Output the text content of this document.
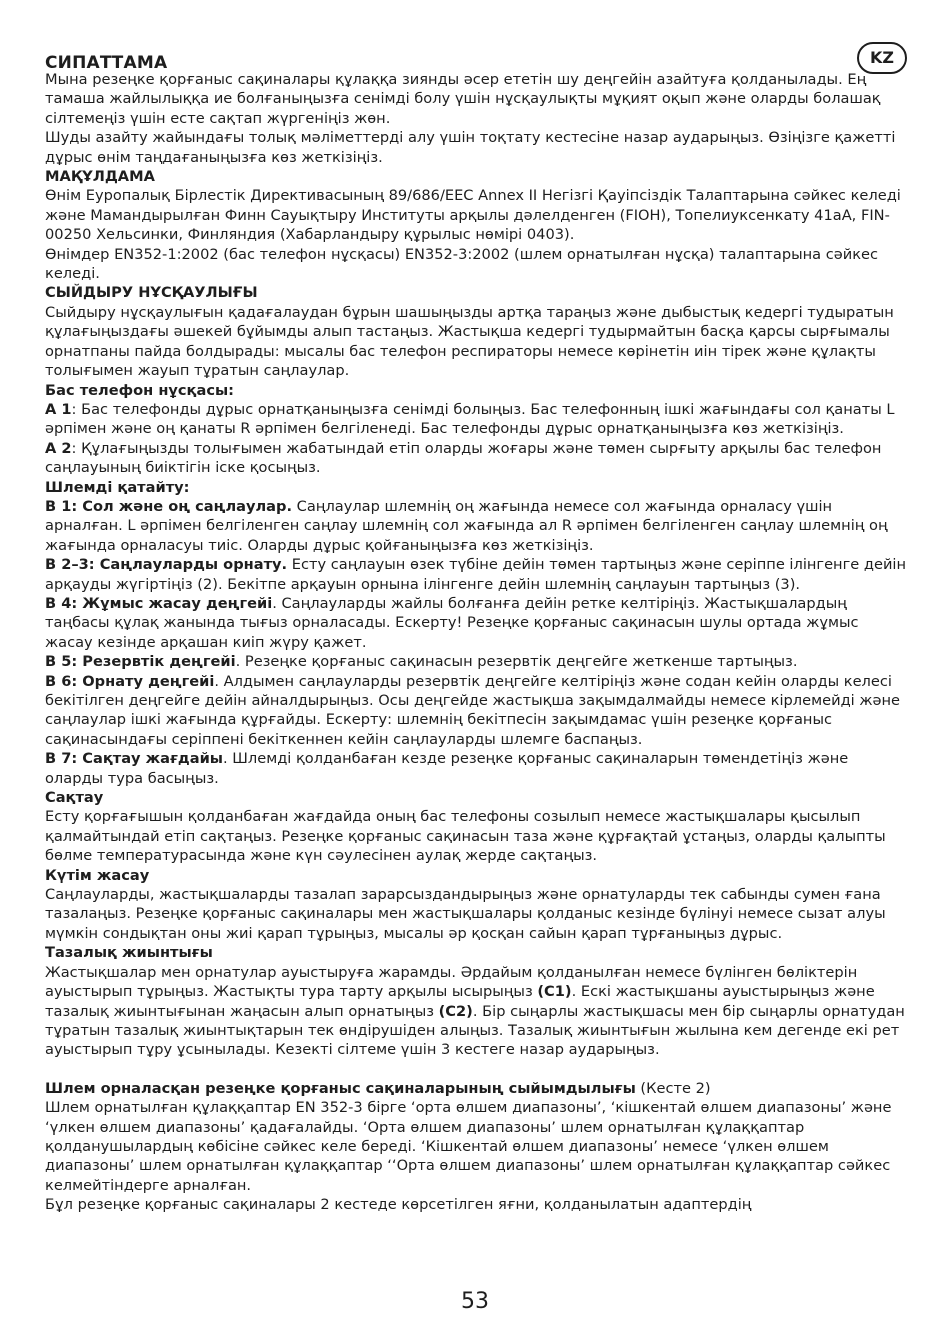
СИПАТТАМА	KZ

Мына резеңке қорғаныс сақиналары құлаққа зиянды әсер ететін шу деңгейін азайтуға қолданылады. Ең тамаша жайлылыққа ие болғаныңызға сенімді болу үшін нұсқаулықты мұқият оқып және оларды болашақ сілтемеңіз үшін есте сақтап жүргеніңіз жөн.

Шуды азайту жайындағы толық мәліметтерді алу үшін тоқтату кестесіне назар аударыңыз. Өзіңізге қажетті дұрыс өнім таңдағаныңызға көз жеткізіңіз.

МАҚҰЛДАМА

Өнім Еуропалық Бірлестік Директивасының 89/686/EEC Annex II Негізгі Қауіпсіздік Талаптарына сәйкес келеді және Мамандырылған Финн Сауықтыру Институты арқылы дәлелденген (FIOH), Топелиуксенкату 41aA, FIN-00250 Хельсинки, Финляндия (Хабарландыру құрылыс нөмірі 0403).

Өнімдер EN352-1:2002 (бас телефон нұсқасы) EN352-3:2002 (шлем орнатылған нұсқа) талаптарына сәйкес келеді.

СЫЙДЫРУ НҰСҚАУЛЫҒЫ

Сыйдыру нұсқаулығын қадағалаудан бұрын шашыңызды артқа тараңыз және дыбыстық кедергі тудыратын құлағыңыздағы әшекей бұйымды алып тастаңыз. Жастықша кедергі тудырмайтын басқа қарсы сырғымалы орнатпаны пайда болдырады: мысалы бас телефон респираторы немесе көрінетін иін тірек және құлақты толығымен жауып тұратын саңлаулар.

Бас телефон нұсқасы:

A 1: Бас телефонды дұрыс орнатқаныңызға сенімді болыңыз. Бас телефонның ішкі жағындағы сол қанаты L әрпімен және оң қанаты R әрпімен белгіленеді. Бас телефонды дұрыс орнатқаныңызға көз жеткізіңіз.

A 2: Құлағыңызды толығымен жабатындай етіп оларды жоғары және төмен сырғыту арқылы бас телефон саңлауының биіктігін іске қосыңыз.

Шлемді қатайту:

B 1: Сол және оң саңлаулар. Саңлаулар шлемнің оң жағында немесе сол жағында орналасу үшін арналған. L әрпімен белгіленген саңлау шлемнің сол жағында ал R әрпімен белгіленген саңлау шлемнің оң жағында орналасуы тиіс. Оларды дұрыс қойғаныңызға көз жеткізіңіз.

B 2–3: Саңлауларды орнату. Есту саңлауын өзек түбіне дейін төмен тартыңыз және серіппе ілінгенге дейін арқауды жүгіртіңіз (2). Бекітпе арқауын орнына ілінгенге дейін шлемнің саңлауын тартыңыз (3).

B 4: Жұмыс жасау деңгейі. Саңлауларды жайлы болғанға дейін ретке келтіріңіз. Жастықшалардың таңбасы құлақ жанында тығыз орналасады. Ескерту! Резеңке қорғаныс сақинасын шулы ортада жұмыс жасау кезінде арқашан киіп жүру қажет.

B 5: Резервтік деңгейі. Резеңке қорғаныс сақинасын резервтік деңгейге жеткенше тартыңыз.

B 6: Орнату деңгейі. Алдымен саңлауларды резервтік деңгейге келтіріңіз және содан кейін оларды келесі бекітілген деңгейге дейін айналдырыңыз. Осы деңгейде жастықша зақымдалмайды немесе кірлемейді және саңлаулар ішкі жағында құрғайды. Ескерту: шлемнің бекітпесін зақымдамас үшін резеңке қорғаныс сақинасындағы серіппені бекіткеннен кейін саңлауларды шлемге баспаңыз.

B 7: Сақтау жағдайы. Шлемді қолданбаған кезде резеңке қорғаныс сақиналарын төмендетіңіз және оларды тура басыңыз.

Сақтау

Есту қорғағышын қолданбаған жағдайда оның бас телефоны созылып немесе жастықшалары қысылып қалмайтындай етіп сақтаңыз. Резеңке қорғаныс сақинасын таза және құрғақтай ұстаңыз, оларды қалыпты бөлме температурасында және күн сәулесінен аулақ жерде сақтаңыз.

Күтім жасау

Саңлауларды, жастықшаларды тазалап зарарсыздандырыңыз және орнатуларды тек сабынды сумен ғана тазалаңыз. Резеңке қорғаныс сақиналары мен жастықшалары қолданыс кезінде бүлінуі немесе сызат алуы мүмкін сондықтан оны жиі қарап тұрыңыз, мысалы әр қосқан сайын қарап тұрғаныңыз дұрыс.

Тазалық жиынтығы

Жастықшалар мен орнатулар ауыстыруға жарамды. Әрдайым қолданылған немесе бүлінген бөліктерін ауыстырып тұрыңыз. Жастықты тура тарту арқылы ысырыңыз (C1). Ескі жастықшаны ауыстырыңыз және тазалық жиынтығынан жаңасын алып орнатыңыз (C2). Бір сыңарлы жастықшасы мен бір сыңарлы орнатудан тұратын тазалық жиынтықтарын тек өндірушіден алыңыз. Тазалық жиынтығын жылына кем дегенде екі рет ауыстырып тұру ұсынылады. Кезекті сілтеме үшін 3 кестеге назар аударыңыз.

Шлем орналасқан резеңке қорғаныс сақиналарының сыйымдылығы (Кесте 2)

Шлем орнатылған құлаққаптар EN 352-3 бірге ‘орта өлшем диапазоны’, ‘кішкентай өлшем диапазоны’ және ‘үлкен өлшем диапазоны’ қадағалайды. ‘Орта өлшем диапазоны’ шлем орнатылған құлаққаптар қолданушылардың көбісіне сәйкес келе береді. ‘Кішкентай өлшем диапазоны’ немесе ‘үлкен өлшем диапазоны’ шлем орнатылған құлаққаптар ‘‘Орта өлшем диапазоны’ шлем орнатылған құлаққаптар сәйкес келмейтіндерге арналған.

Бұл резеңке қорғаныс сақиналары 2 кестеде көрсетілген яғни, қолданылатын адаптердің

53
